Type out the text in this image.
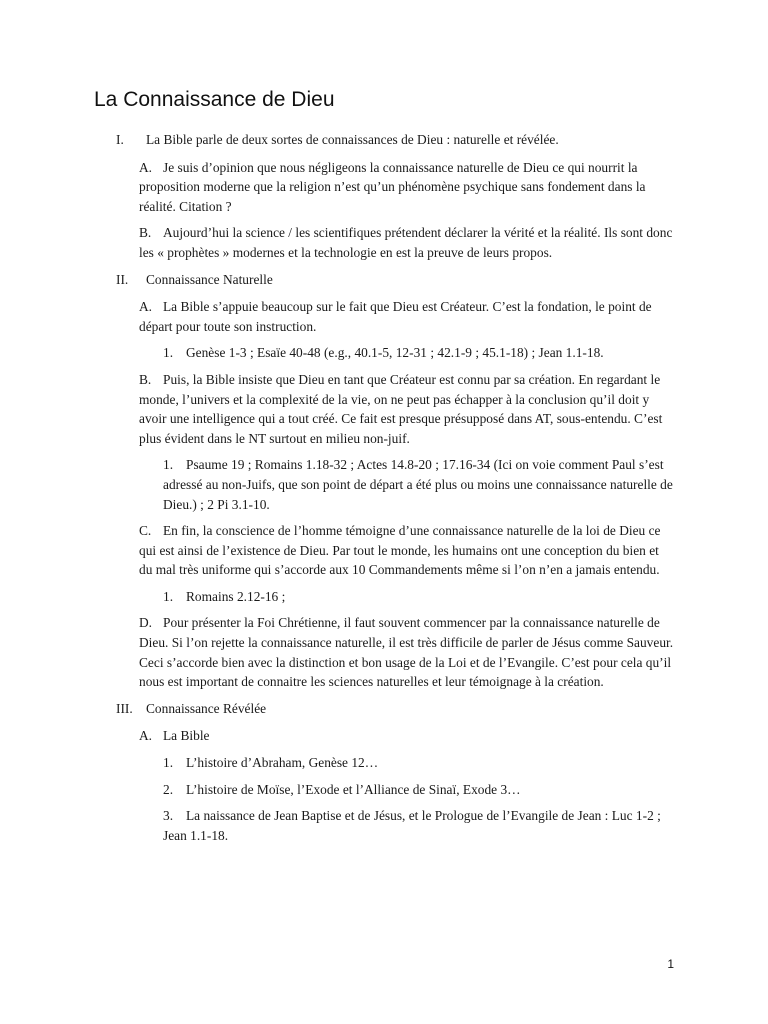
La Connaissance de Dieu
I. La Bible parle de deux sortes de connaissances de Dieu : naturelle et révélée.
A. Je suis d’opinion que nous négligeons la connaissance naturelle de Dieu ce qui nourrit la proposition moderne que la religion n’est qu’un phénomène psychique sans fondement dans la réalité. Citation ?
B. Aujourd’hui la science / les scientifiques prétendent déclarer la vérité et la réalité. Ils sont donc les « prophètes » modernes et la technologie en est la preuve de leurs propos.
II. Connaissance Naturelle
A. La Bible s’appuie beaucoup sur le fait que Dieu est Créateur. C’est la fondation, le point de départ pour toute son instruction.
1. Genèse 1-3 ; Esaïe 40-48 (e.g., 40.1-5, 12-31 ; 42.1-9 ; 45.1-18) ; Jean 1.1-18.
B. Puis, la Bible insiste que Dieu en tant que Créateur est connu par sa création. En regardant le monde, l’univers et la complexité de la vie, on ne peut pas échapper à la conclusion qu’il doit y avoir une intelligence qui a tout créé. Ce fait est presque présupposé dans AT, sous-entendu. C’est plus évident dans le NT surtout en milieu non-juif.
1. Psaume 19 ; Romains 1.18-32 ; Actes 14.8-20 ; 17.16-34 (Ici on voie comment Paul s’est adressé au non-Juifs, que son point de départ a été plus ou moins une connaissance naturelle de Dieu.) ; 2 Pi 3.1-10.
C. En fin, la conscience de l’homme témoigne d’une connaissance naturelle de la loi de Dieu ce qui est ainsi de l’existence de Dieu. Par tout le monde, les humains ont une conception du bien et du mal très uniforme qui s’accorde aux 10 Commandements même si l’on n’en a jamais entendu.
1. Romains 2.12-16 ;
D. Pour présenter la Foi Chrétienne, il faut souvent commencer par la connaissance naturelle de Dieu. Si l’on rejette la connaissance naturelle, il est très difficile de parler de Jésus comme Sauveur. Ceci s’accorde bien avec la distinction et bon usage de la Loi et de l’Evangile. C’est pour cela qu’il nous est important de connaitre les sciences naturelles et leur témoignage à la création.
III. Connaissance Révélée
A. La Bible
1. L’histoire d’Abraham, Genèse 12…
2. L’histoire de Moïse, l’Exode et l’Alliance de Sinaï, Exode 3…
3. La naissance de Jean Baptise et de Jésus, et le Prologue de l’Evangile de Jean : Luc 1-2 ; Jean 1.1-18.
1
